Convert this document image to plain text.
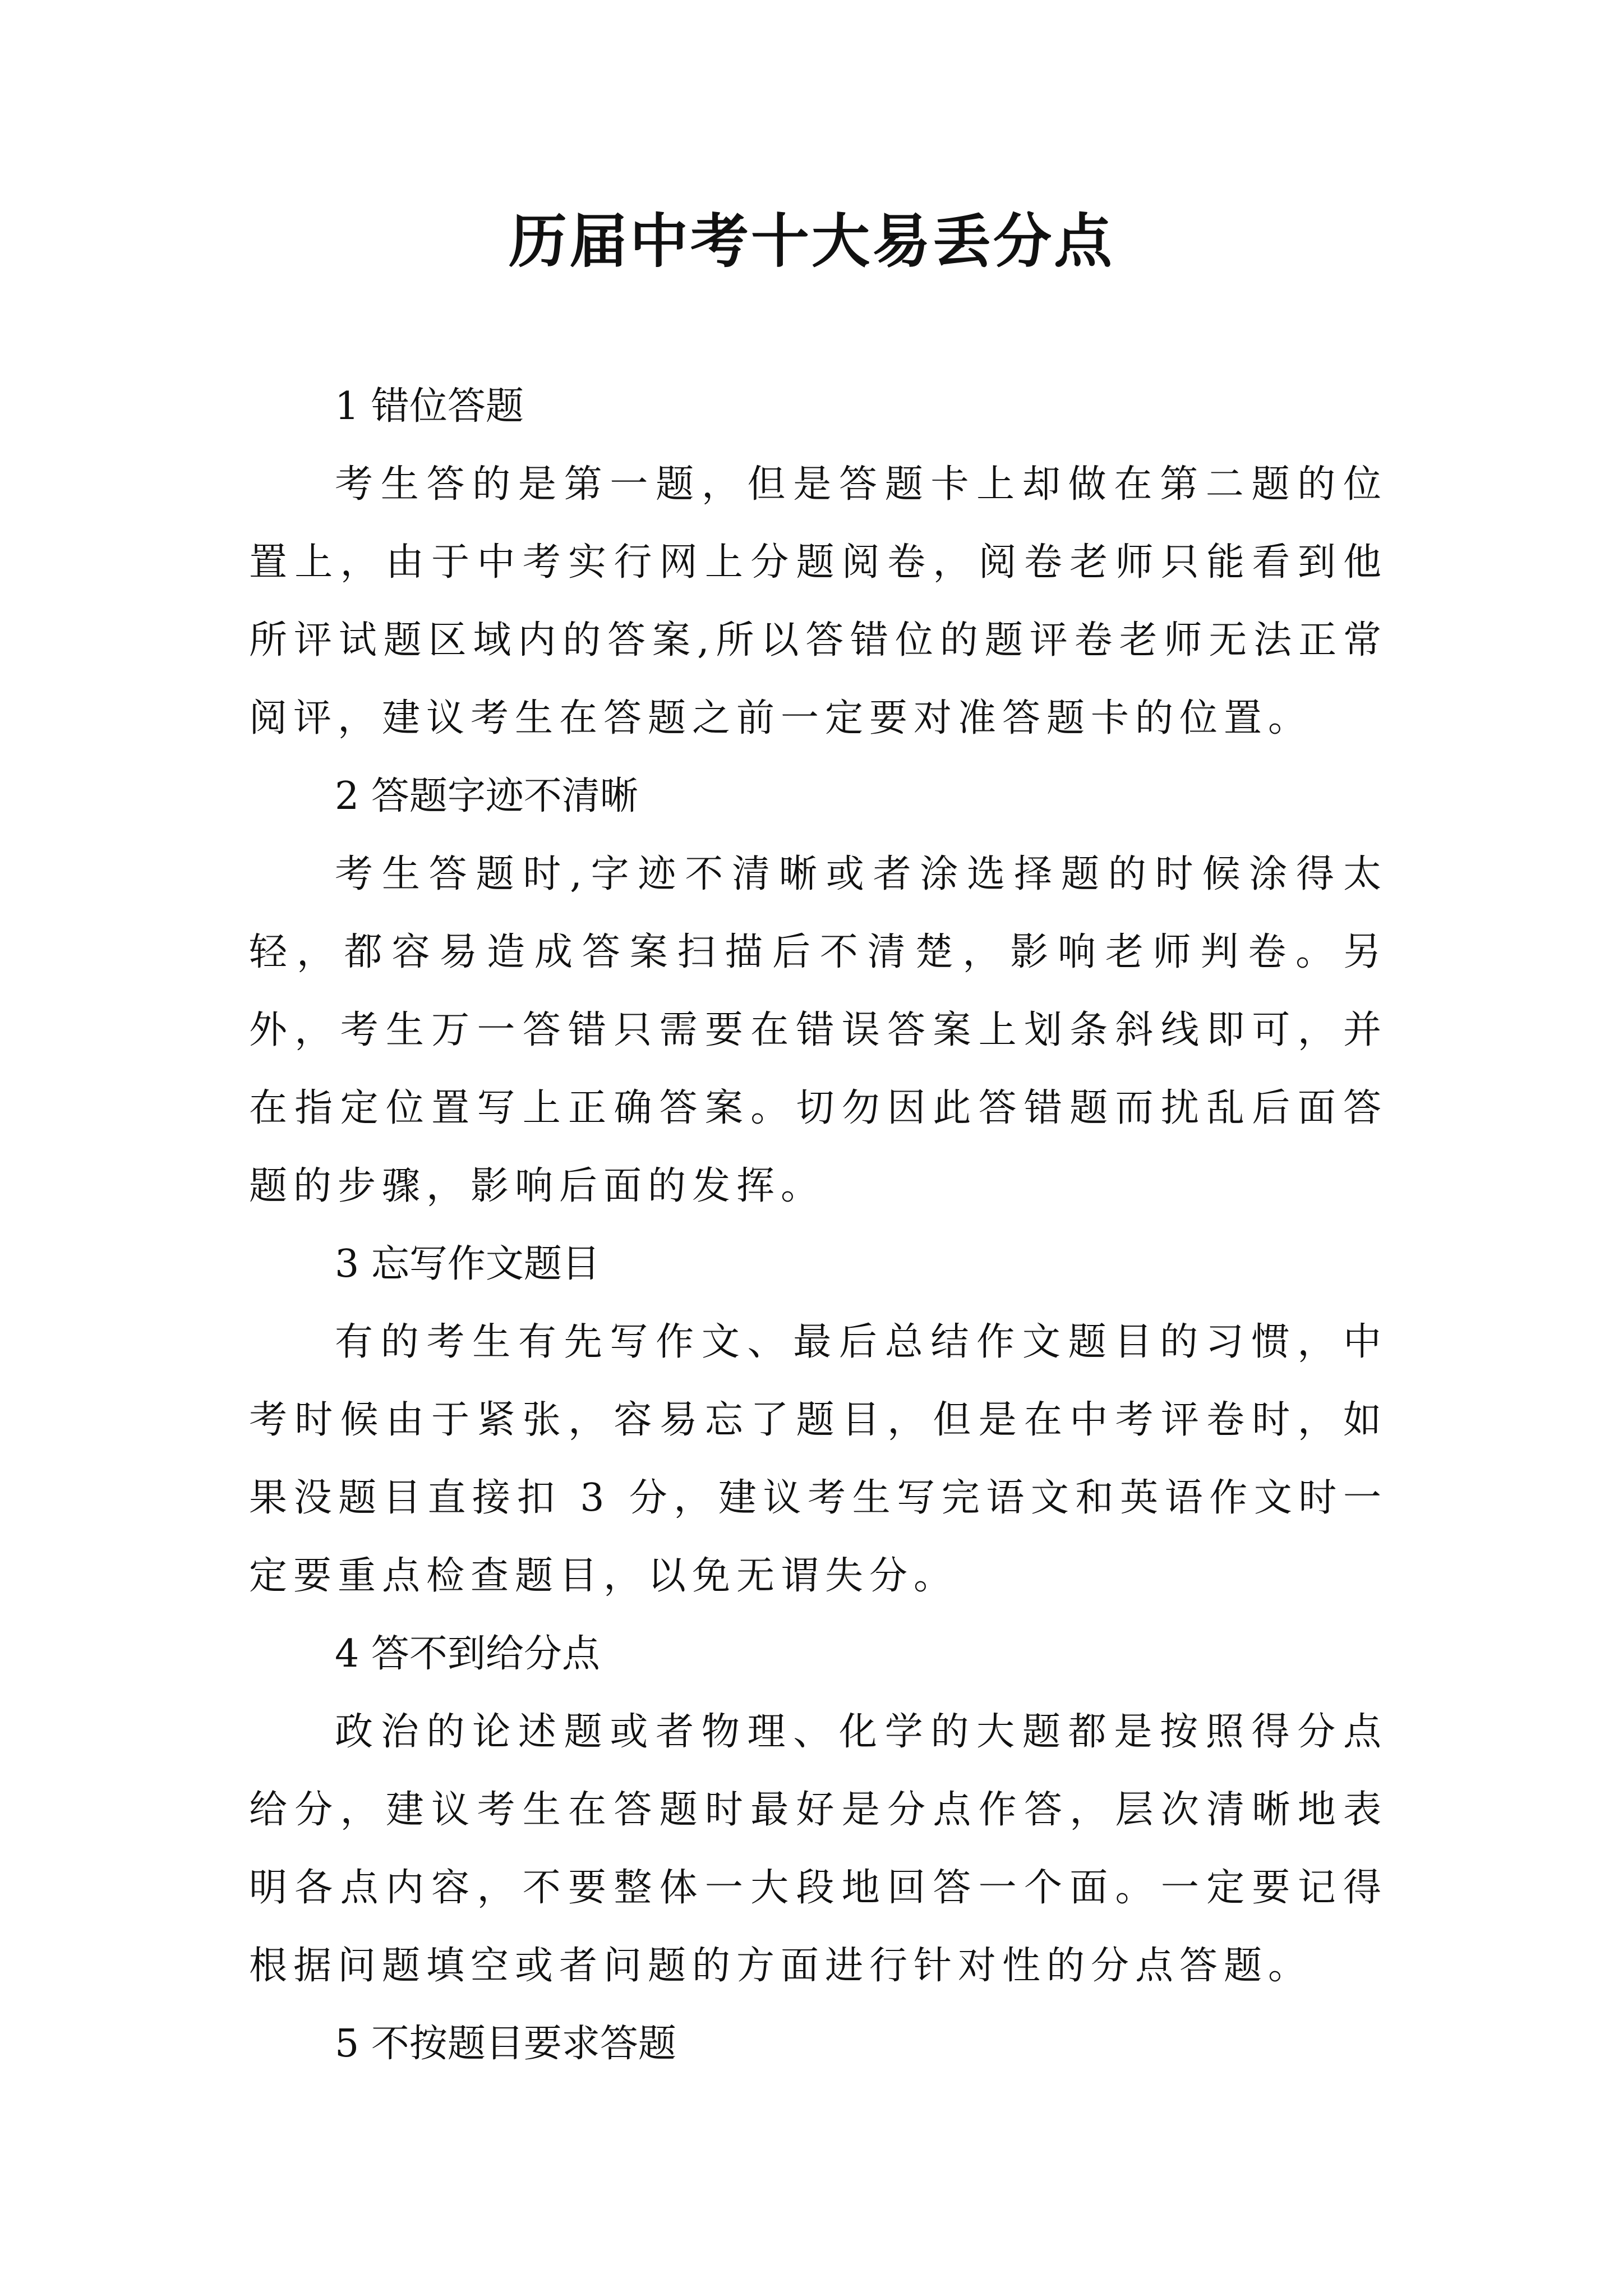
历届中考十大易丢分点

1 错位答题

考生答的是第一题，但是答题卡上却做在第二题的位置上，由于中考实行网上分题阅卷，阅卷老师只能看到他所评试题区域内的答案,所以答错位的题评卷老师无法正常阅评，建议考生在答题之前一定要对准答题卡的位置。

2 答题字迹不清晰

考生答题时,字迹不清晰或者涂选择题的时候涂得太轻，都容易造成答案扫描后不清楚，影响老师判卷。另外，考生万一答错只需要在错误答案上划条斜线即可，并在指定位置写上正确答案。切勿因此答错题而扰乱后面答题的步骤，影响后面的发挥。

3 忘写作文题目

有的考生有先写作文、最后总结作文题目的习惯，中考时候由于紧张，容易忘了题目，但是在中考评卷时，如果没题目直接扣 3 分，建议考生写完语文和英语作文时一定要重点检查题目，以免无谓失分。

4 答不到给分点

政治的论述题或者物理、化学的大题都是按照得分点给分，建议考生在答题时最好是分点作答，层次清晰地表明各点内容，不要整体一大段地回答一个面。一定要记得根据问题填空或者问题的方面进行针对性的分点答题。

5 不按题目要求答题
